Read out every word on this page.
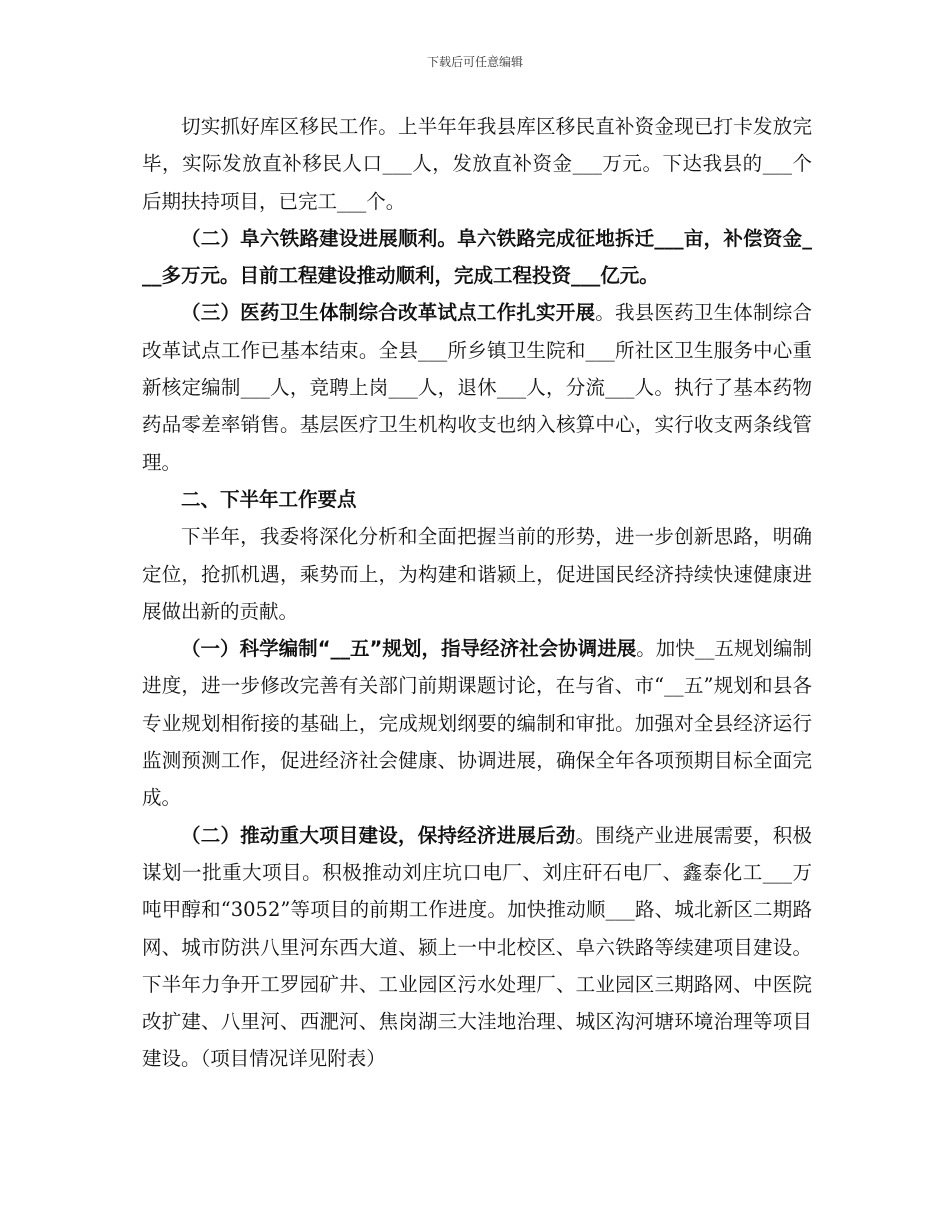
下载后可任意编辑

切实抓好库区移民工作。上半年年我县库区移民直补资金现已打卡发放完毕，实际发放直补移民人口___人，发放直补资金___万元。下达我县的___个后期扶持项目，已完工___个。

（二）阜六铁路建设进展顺利。阜六铁路完成征地拆迁___亩，补偿资金___多万元。目前工程建设推动顺利，完成工程投资___亿元。

（三）医药卫生体制综合改革试点工作扎实开展。我县医药卫生体制综合改革试点工作已基本结束。全县___所乡镇卫生院和___所社区卫生服务中心重新核定编制___人，竞聘上岗___人，退休___人，分流___人。执行了基本药物药品零差率销售。基层医疗卫生机构收支也纳入核算中心，实行收支两条线管理。

二、下半年工作要点

下半年，我委将深化分析和全面把握当前的形势，进一步创新思路，明确定位，抢抓机遇，乘势而上，为构建和谐颍上，促进国民经济持续快速健康进展做出新的贡献。

（一）科学编制“__五”规划，指导经济社会协调进展。加快__五规划编制进度，进一步修改完善有关部门前期课题讨论，在与省、市“__五”规划和县各专业规划相衔接的基础上，完成规划纲要的编制和审批。加强对全县经济运行监测预测工作，促进经济社会健康、协调进展，确保全年各项预期目标全面完成。

（二）推动重大项目建设，保持经济进展后劲。围绕产业进展需要，积极谋划一批重大项目。积极推动刘庄坑口电厂、刘庄矸石电厂、鑫泰化工___万吨甲醇和“3052”等项目的前期工作进度。加快推动顺___路、城北新区二期路网、城市防洪八里河东西大道、颍上一中北校区、阜六铁路等续建项目建设。下半年力争开工罗园矿井、工业园区污水处理厂、工业园区三期路网、中医院改扩建、八里河、西淝河、焦岗湖三大洼地治理、城区沟河塘环境治理等项目建设。（项目情况详见附表）
